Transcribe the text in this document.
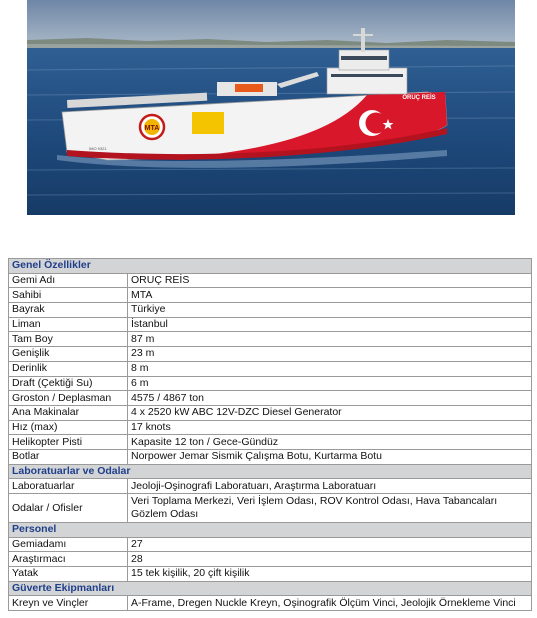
MTA
ORUÇ REİS
IMO 9321
Genel Özellikler	
Gemi Adı	ORUÇ REİS
Sahibi	MTA
Bayrak	Türkiye
Liman	İstanbul
Tam Boy	87 m
Genişlik	23 m
Derinlik	8 m
Draft (Çektiği Su)	6 m
Groston / Deplasman	4575 / 4867 ton
Ana Makinalar	4 x 2520 kW ABC 12V-DZC Diesel Generator
Hız (max)	17 knots
Helikopter Pisti	Kapasite 12 ton / Gece-Gündüz
Botlar	Norpower Jemar Sismik Çalışma Botu, Kurtarma Botu
Laboratuarlar ve Odalar	
Laboratuarlar	Jeoloji-Oşinografi Laboratuarı, Araştırma Laboratuarı
Odalar / Ofisler	Veri Toplama Merkezi, Veri İşlem Odası, ROV Kontrol Odası, Hava Tabancaları Gözlem Odası
Personel	
Gemiadamı	27
Araştırmacı	28
Yatak	15 tek kişilik, 20 çift kişilik
Güverte Ekipmanları	
Kreyn ve Vinçler	A-Frame, Dregen Nuckle Kreyn, Oşinografik Ölçüm Vinci, Jeolojik Örnekleme Vinci
